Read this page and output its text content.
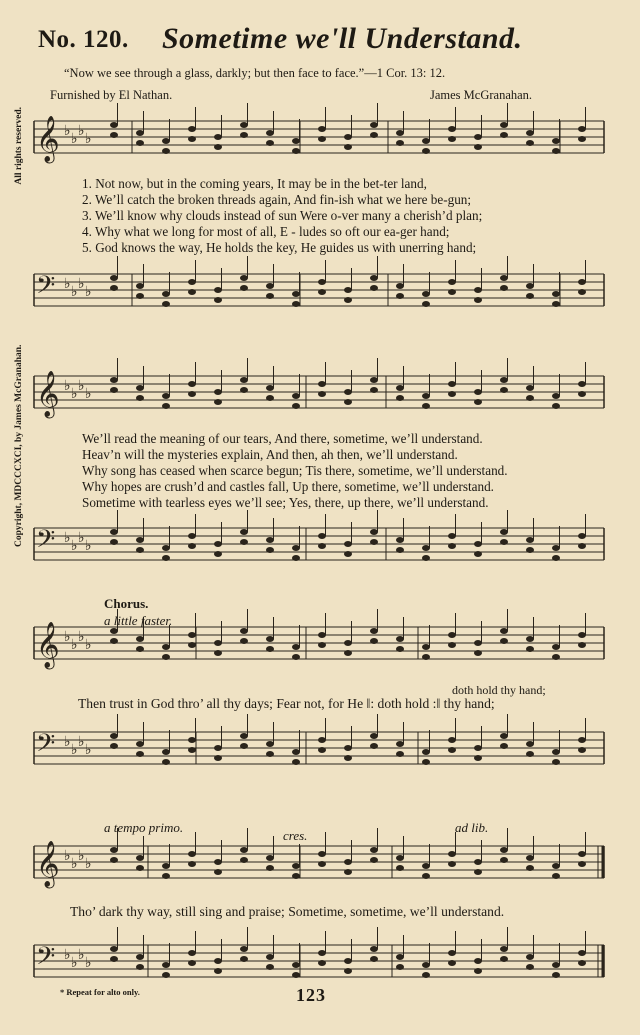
𝄞 ♭ ♭ ♭ ♭
𝄢 ♭ ♭ ♭ ♭
𝄞 ♭ ♭ ♭ ♭
𝄢 ♭ ♭ ♭ ♭
𝄞 ♭ ♭ ♭ ♭
𝄢 ♭ ♭ ♭ ♭
𝄞 ♭ ♭ ♭ ♭
𝄢 ♭ ♭ ♭ ♭
No. 120. Sometime we'll Understand.
“Now we see through a glass, darkly; but then face to face.”—1 Cor. 13: 12.
Furnished by El Nathan.	James McGranahan.
Copyright, MDCCCXCI, by James McGranahan.
All rights reserved.	1. Not now, but in the coming years, It may be in the bet-ter land,
2. We’ll catch the broken threads again, And fin-ish what we here be-gun;
3. We’ll know why clouds instead of sun Were o-ver many a cherish’d plan;
4. Why what we long for most of all, E - ludes so oft our ea-ger hand;
5. God knows the way, He holds the key, He guides us with unerring hand;
We’ll read the meaning of our tears, And there, sometime, we’ll understand.
Heav’n will the mysteries explain, And then, ah then, we’ll understand.
Why song has ceased when scarce begun; Tis there, sometime, we’ll understand.
Why hopes are crush’d and castles fall, Up there, sometime, we’ll understand.
Sometime with tearless eyes we’ll see; Yes, there, up there, we’ll understand.
Chorus.
a little faster.
doth hold thy hand;
Then trust in God thro’ all thy days; Fear not, for He ‖: doth hold :‖ thy hand;
a tempo primo.
cres.
ad lib.
Tho’ dark thy way, still sing and praise; Sometime, sometime, we’ll understand.
* Repeat for alto only.	123
